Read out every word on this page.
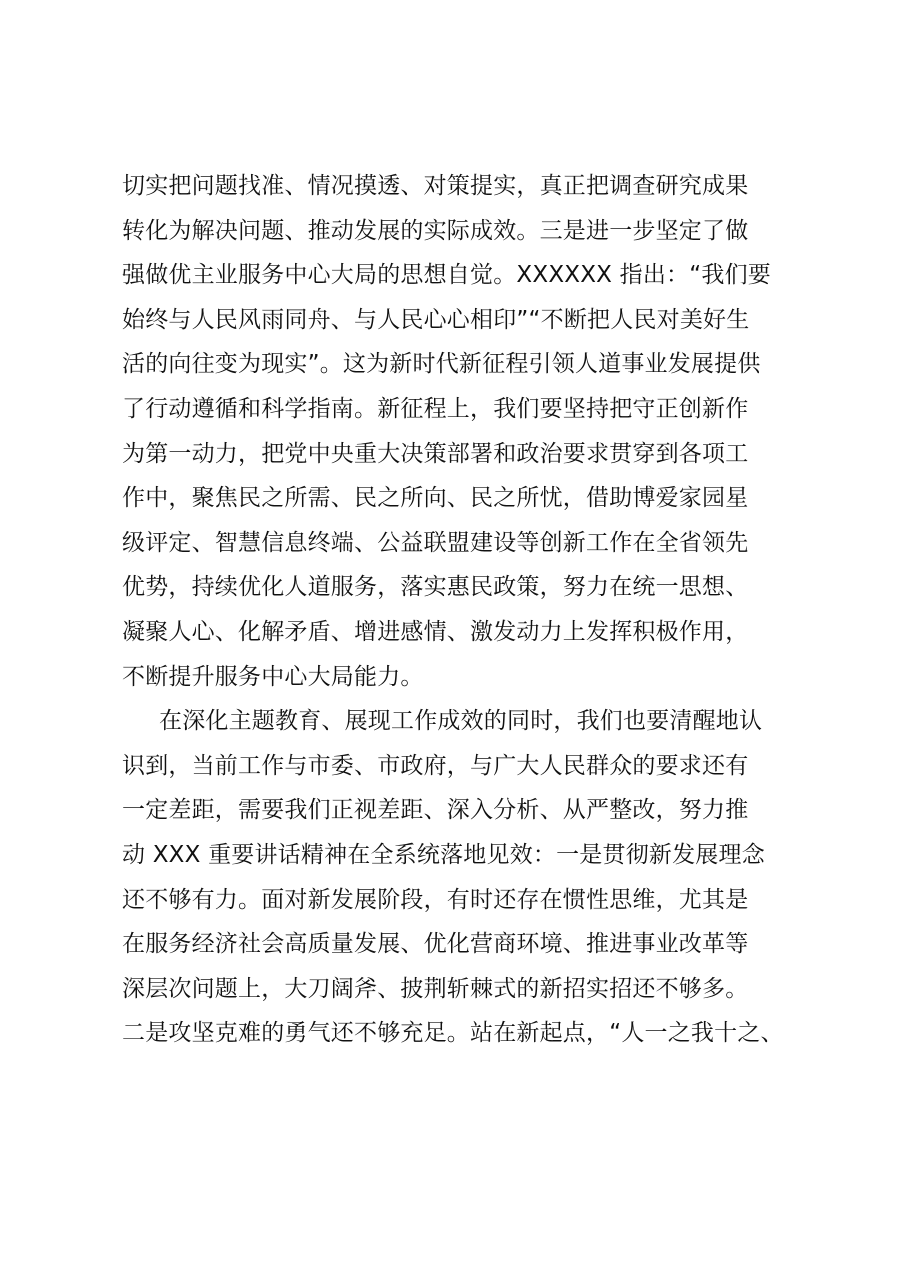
切实把问题找准、情况摸透、对策提实，真正把调查研究成果
转化为解决问题、推动发展的实际成效。三是进一步坚定了做
强做优主业服务中心大局的思想自觉。XXXXXX 指出：“我们要
始终与人民风雨同舟、与人民心心相印”“不断把人民对美好生
活的向往变为现实”。这为新时代新征程引领人道事业发展提供
了行动遵循和科学指南。新征程上，我们要坚持把守正创新作
为第一动力，把党中央重大决策部署和政治要求贯穿到各项工
作中，聚焦民之所需、民之所向、民之所忧，借助博爱家园星
级评定、智慧信息终端、公益联盟建设等创新工作在全省领先
优势，持续优化人道服务，落实惠民政策，努力在统一思想、
凝聚人心、化解矛盾、增进感情、激发动力上发挥积极作用，
不断提升服务中心大局能力。
在深化主题教育、展现工作成效的同时，我们也要清醒地认
识到，当前工作与市委、市政府，与广大人民群众的要求还有
一定差距，需要我们正视差距、深入分析、从严整改，努力推
动 XXX 重要讲话精神在全系统落地见效：一是贯彻新发展理念
还不够有力。面对新发展阶段，有时还存在惯性思维，尤其是
在服务经济社会高质量发展、优化营商环境、推进事业改革等
深层次问题上，大刀阔斧、披荆斩棘式的新招实招还不够多。
二是攻坚克难的勇气还不够充足。站在新起点，“人一之我十之、
